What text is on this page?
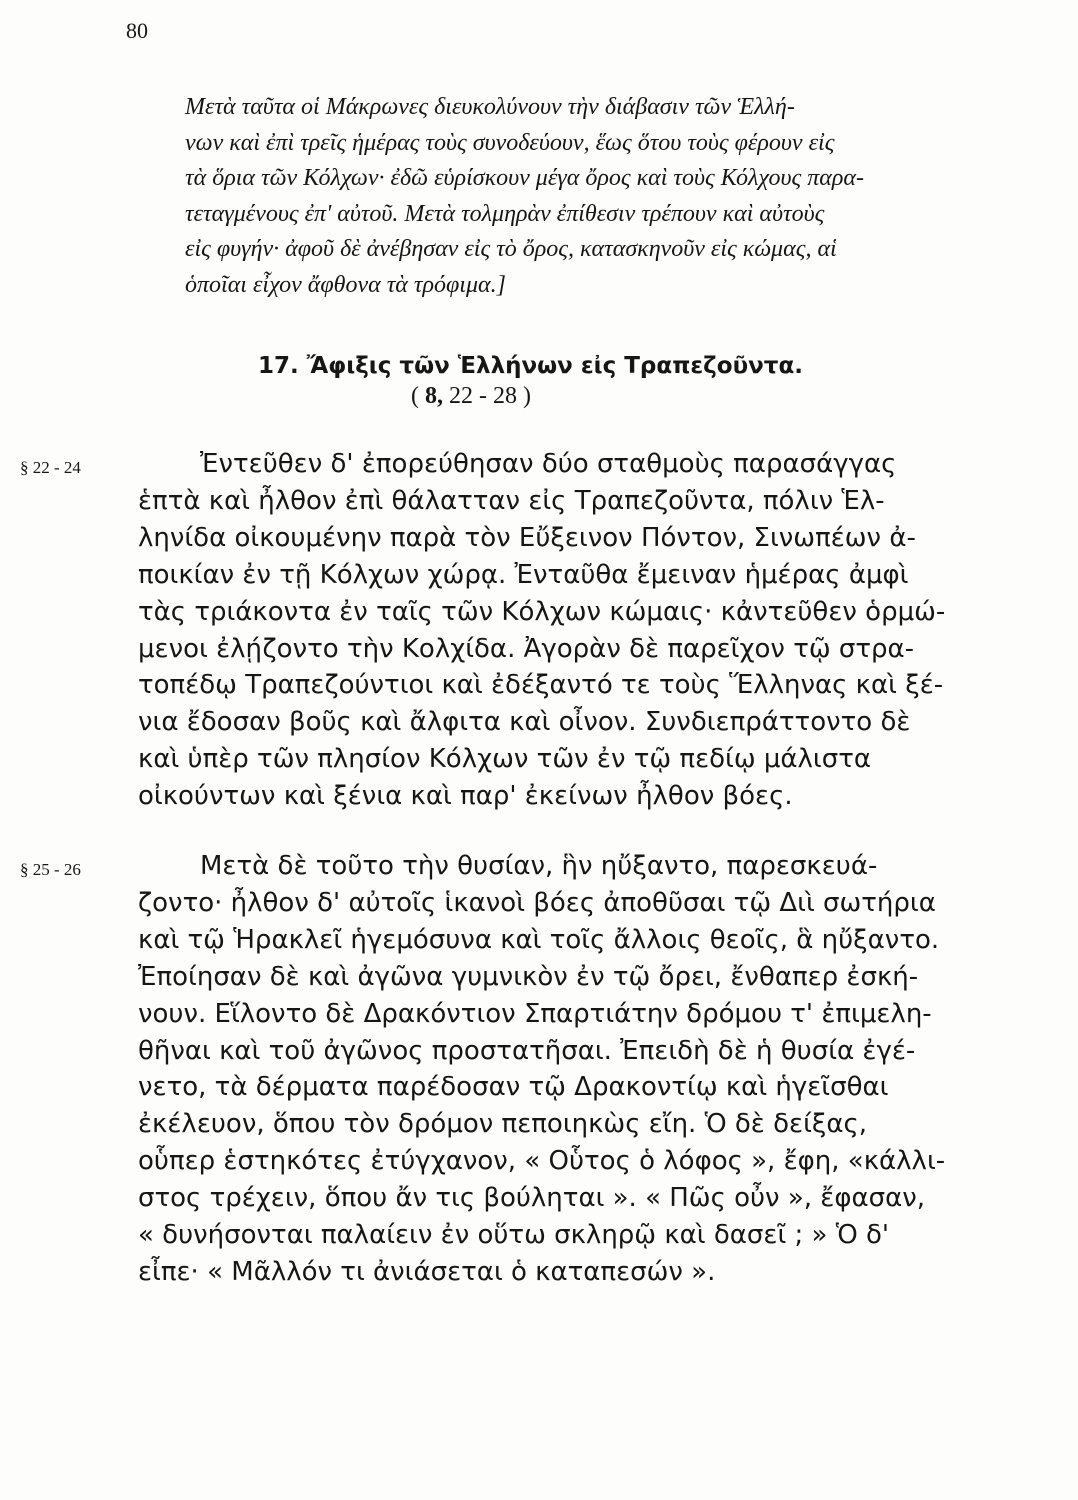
80
Μετὰ ταῦτα οἱ Μάκρωνες διευκολύνουν τὴν διάβασιν τῶν Ἑλλή-
νων καὶ ἐπὶ τρεῖς ἡμέρας τοὺς συνοδεύουν, ἕως ὅτου τοὺς φέρουν εἰς
τὰ ὅρια τῶν Κόλχων· ἐδῶ εὑρίσκουν μέγα ὄρος καὶ τοὺς Κόλχους παρα-
τεταγμένους ἐπ' αὐτοῦ. Μετὰ τολμηρὰν ἐπίθεσιν τρέπουν καὶ αὐτοὺς
εἰς φυγήν· ἀφοῦ δὲ ἀνέβησαν εἰς τὸ ὄρος, κατασκηνοῦν εἰς κώμας, αἱ
ὁποῖαι εἶχον ἄφθονα τὰ τρόφιμα.]
17. Ἄφιξις τῶν Ἑλλήνων εἰς Τραπεζοῦντα.
( 8, 22 - 28 )
§ 22 - 24	Ἐντεῦθεν δ' ἐπορεύθησαν δύο σταθμοὺς παρασάγγας
ἑπτὰ καὶ ἦλθον ἐπὶ θάλατταν εἰς Τραπεζοῦντα, πόλιν Ἑλ-
ληνίδα οἰκουμένην παρὰ τὸν Εὔξεινον Πόντον, Σινωπέων ἀ-
ποικίαν ἐν τῇ Κόλχων χώρᾳ. Ἐνταῦθα ἔμειναν ἡμέρας ἀμφὶ
τὰς τριάκοντα ἐν ταῖς τῶν Κόλχων κώμαις· κἀντεῦθεν ὁρμώ-
μενοι ἐλῄζοντο τὴν Κολχίδα. Ἀγορὰν δὲ παρεῖχον τῷ στρα-
τοπέδῳ Τραπεζούντιοι καὶ ἐδέξαντό τε τοὺς Ἕλληνας καὶ ξέ-
νια ἔδοσαν βοῦς καὶ ἄλφιτα καὶ οἶνον. Συνδιεπράττοντο δὲ
καὶ ὑπὲρ τῶν πλησίον Κόλχων τῶν ἐν τῷ πεδίῳ μάλιστα
οἰκούντων καὶ ξένια καὶ παρ' ἐκείνων ἦλθον βόες.
§ 25 - 26	Μετὰ δὲ τοῦτο τὴν θυσίαν, ἣν ηὔξαντο, παρεσκευά-
ζοντο· ἦλθον δ' αὐτοῖς ἱκανοὶ βόες ἀποθῦσαι τῷ Διὶ σωτήρια
καὶ τῷ Ἡρακλεῖ ἡγεμόσυνα καὶ τοῖς ἄλλοις θεοῖς, ἃ ηὔξαντο.
Ἐποίησαν δὲ καὶ ἀγῶνα γυμνικὸν ἐν τῷ ὄρει, ἔνθαπερ ἐσκή-
νουν. Εἵλοντο δὲ Δρακόντιον Σπαρτιάτην δρόμου τ' ἐπιμελη-
θῆναι καὶ τοῦ ἀγῶνος προστατῆσαι. Ἐπειδὴ δὲ ἡ θυσία ἐγέ-
νετο, τὰ δέρματα παρέδοσαν τῷ Δρακοντίῳ καὶ ἡγεῖσθαι
ἐκέλευον, ὅπου τὸν δρόμον πεποιηκὼς εἴη. Ὁ δὲ δείξας,
οὗπερ ἑστηκότες ἐτύγχανον, « Οὗτος ὁ λόφος », ἔφη, «κάλλι-
στος τρέχειν, ὅπου ἄν τις βούληται ». « Πῶς οὖν », ἔφασαν,
« δυνήσονται παλαίειν ἐν οὕτω σκληρῷ καὶ δασεῖ ; » Ὁ δ'
εἶπε· « Μᾶλλόν τι ἀνιάσεται ὁ καταπεσών ».
